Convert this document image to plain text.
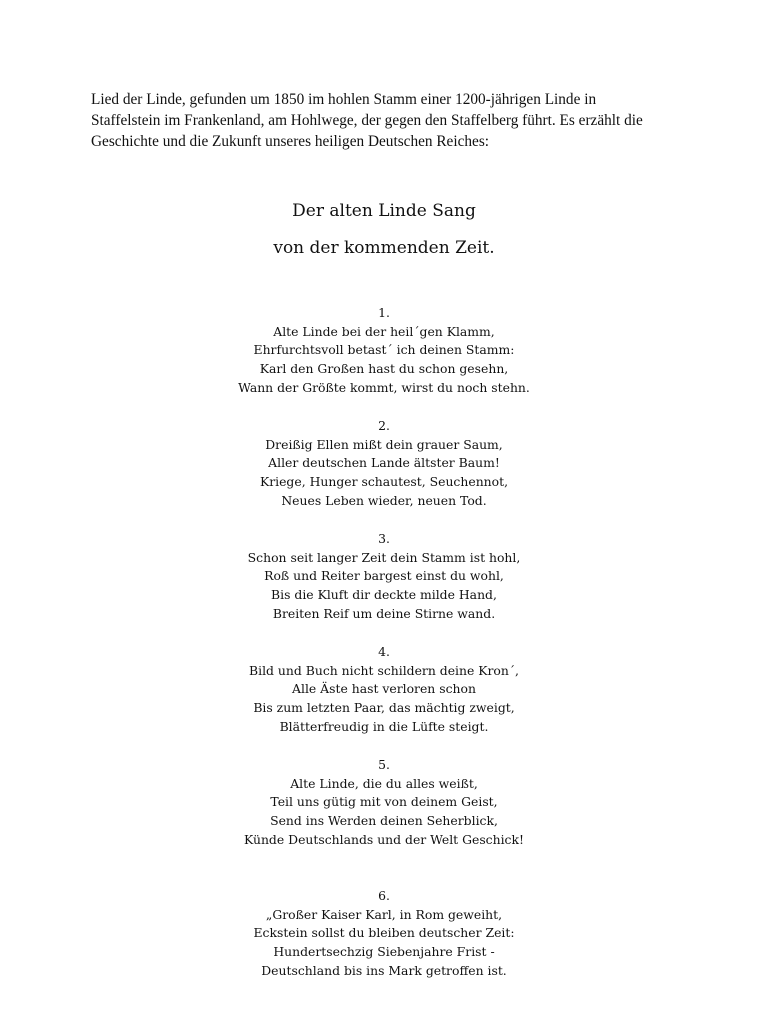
Lied der Linde, gefunden um 1850 im hohlen Stamm einer 1200-jährigen Linde in

Staffelstein im Frankenland, am Hohlwege, der gegen den Staffelberg führt. Es erzählt die

Geschichte und die Zukunft unseres heiligen Deutschen Reiches:

Der alten Linde Sang
von der kommenden Zeit.

1.

Alte Linde bei der heil´gen Klamm,

Ehrfurchtsvoll betast´ ich deinen Stamm:

Karl den Großen hast du schon gesehn,

Wann der Größte kommt, wirst du noch stehn.

2.

Dreißig Ellen mißt dein grauer Saum,

Aller deutschen Lande ältster Baum!

Kriege, Hunger schautest, Seuchennot,

Neues Leben wieder, neuen Tod.

3.

Schon seit langer Zeit dein Stamm ist hohl,

Roß und Reiter bargest einst du wohl,

Bis die Kluft dir deckte milde Hand,

Breiten Reif um deine Stirne wand.

4.

Bild und Buch nicht schildern deine Kron´,

Alle Äste hast verloren schon

Bis zum letzten Paar, das mächtig zweigt,

Blätterfreudig in die Lüfte steigt.

5.

Alte Linde, die du alles weißt,

Teil uns gütig mit von deinem Geist,

Send ins Werden deinen Seherblick,

Künde Deutschlands und der Welt Geschick!

6.

„Großer Kaiser Karl, in Rom geweiht,

Eckstein sollst du bleiben deutscher Zeit:

Hundertsechzig Siebenjahre Frist -

Deutschland bis ins Mark getroffen ist.
